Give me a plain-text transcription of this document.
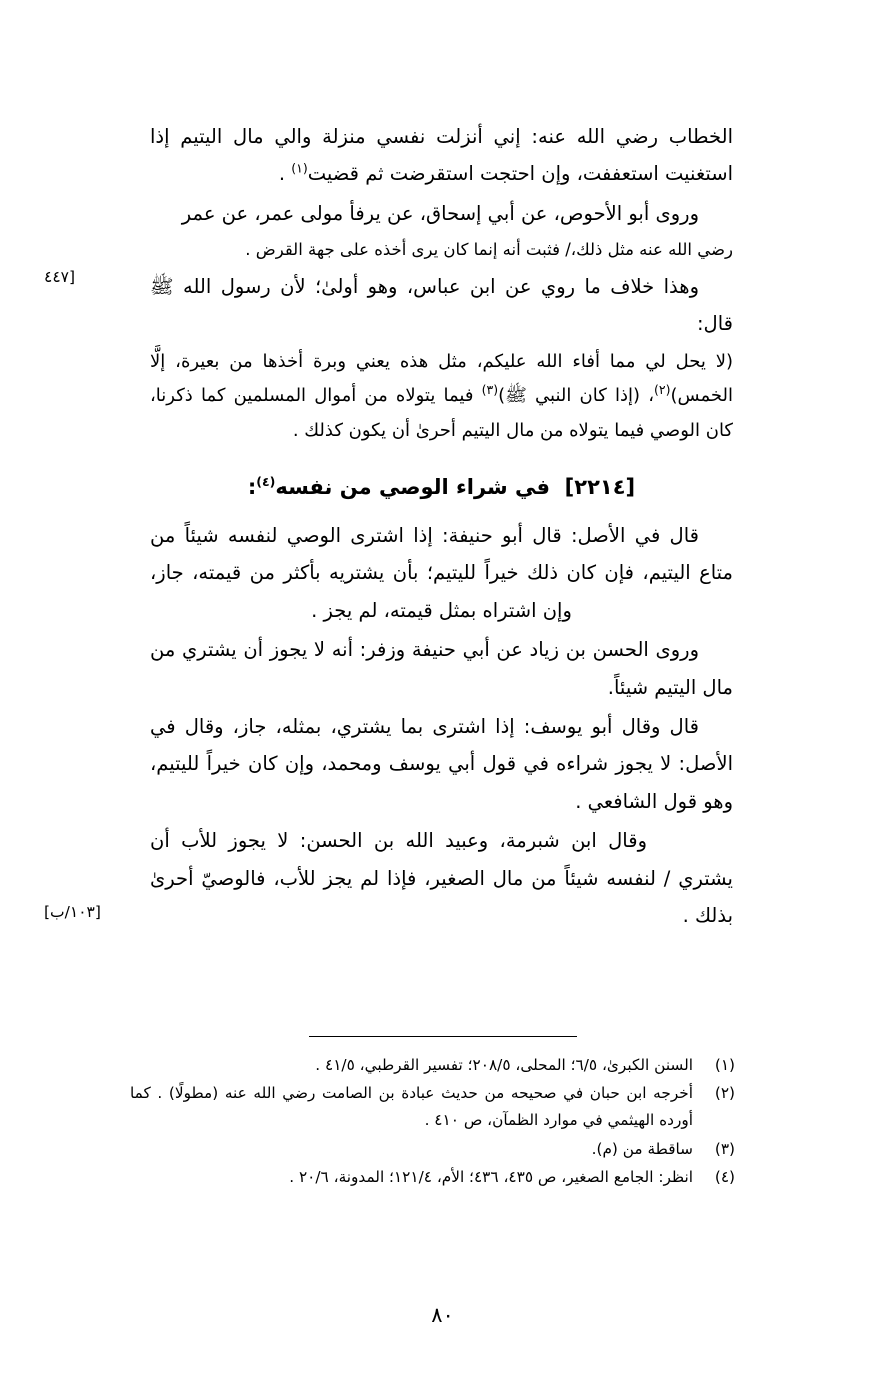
الخطاب رضي الله عنه: إني أنزلت نفسي منزلة والي مال اليتيم إذا استغنيت استعففت، وإن احتجت استقرضت ثم قضيت$^{(١)}$ .

وروى أبو الأحوص، عن أبي إسحاق، عن يرفأ مولى عمر، عن عمر

رضي الله عنه مثل ذلك،/ فثبت أنه إنما كان يرى أخذه على جهة القرض .

وهذا خلاف ما روي عن ابن عباس، وهو أولىٰ؛ لأن رسول الله ﷺ قال:

(لا يحل لي مما أفاء الله عليكم، مثل هذه يعني وبرة أخذها من بعيرة، إلَّا الخمس)$^{(٢)}$، (إذا كان النبي ﷺ)$^{(٣)}$ فيما يتولاه من أموال المسلمين كما ذكرنا، كان الوصي فيما يتولاه من مال اليتيم أحرىٰ أن يكون كذلك .

[٢٢١٤]  في شراء الوصي من نفسه$^{(٤)}$:

قال في الأصل: قال أبو حنيفة: إذا اشترى الوصي لنفسه شيئاً من متاع اليتيم، فإن كان ذلك خيراً لليتيم؛ بأن يشتريه بأكثر من قيمته، جاز، وإن اشتراه بمثل قيمته، لم يجز .

وروى الحسن بن زياد عن أبي حنيفة وزفر: أنه لا يجوز أن يشتري من مال اليتيم شيئاً.

قال وقال أبو يوسف: إذا اشترى بما يشتري، بمثله، جاز، وقال في الأصل: لا يجوز شراءه في قول أبي يوسف ومحمد، وإن كان خيراً لليتيم، وهو قول الشافعي .

وقال ابن شبرمة، وعبيد الله بن الحسن: لا يجوز للأب أن يشتري / لنفسه شيئاً من مال الصغير، فإذا لم يجز للأب، فالوصيّ أحرىٰ بذلك .

[٤٤٧
[١٠٣/ب]
(١)
السنن الكبرىٰ، ٦/٥؛ المحلى، ٢٠٨/٥؛ تفسير القرطبي، ٤١/٥ .
(٢)
أخرجه ابن حبان في صحيحه من حديث عبادة بن الصامت رضي الله عنه (مطولًا) . كما أورده الهيثمي في موارد الظمآن، ص ٤١٠ .
(٣)
ساقطة من (م).
(٤)
انظر: الجامع الصغير، ص ٤٣٥، ٤٣٦؛ الأم، ١٢١/٤؛ المدونة، ٢٠/٦ .
٨٠
